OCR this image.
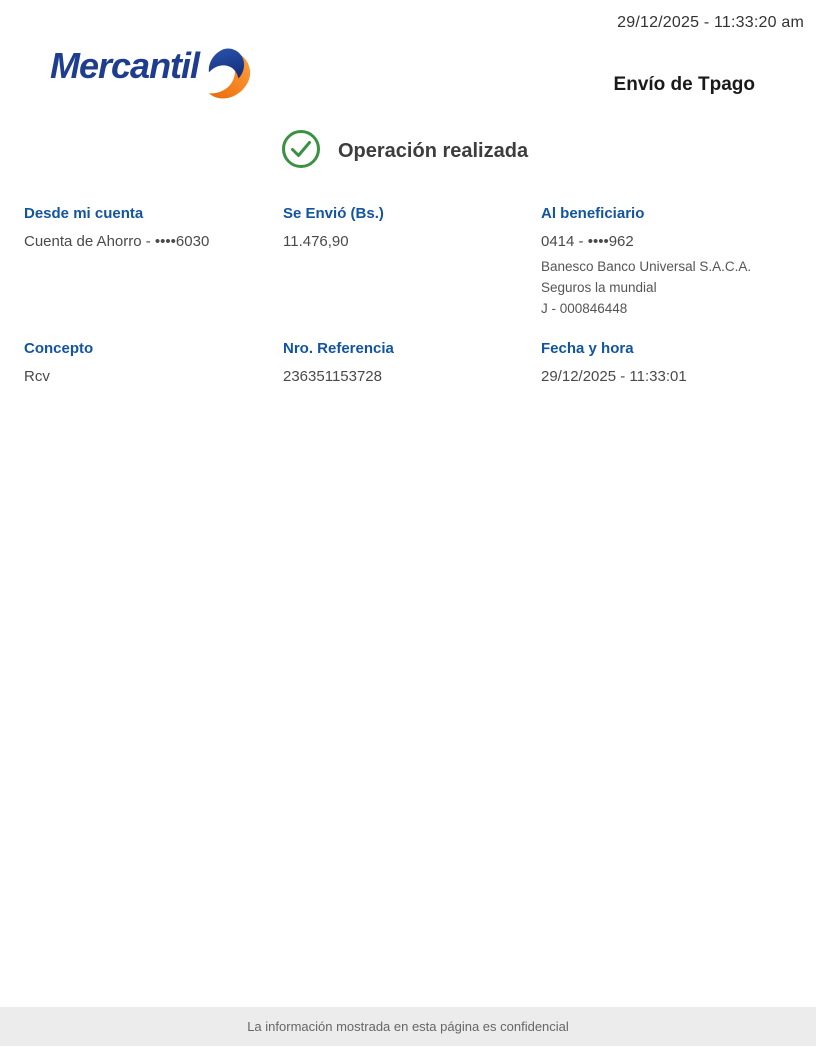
29/12/2025 - 11:33:20 am
Mercantil	Envío de Tpago
Operación realizada
Desde mi cuenta
Cuenta de Ahorro - ••••6030
Se Envió (Bs.)
11.476,90
Al beneficiario
0414 - ••••962
Banesco Banco Universal S.A.C.A.
Seguros la mundial
J - 000846448
Concepto
Rcv
Nro. Referencia
236351153728
Fecha y hora
29/12/2025 - 11:33:01
La información mostrada en esta página es confidencial
